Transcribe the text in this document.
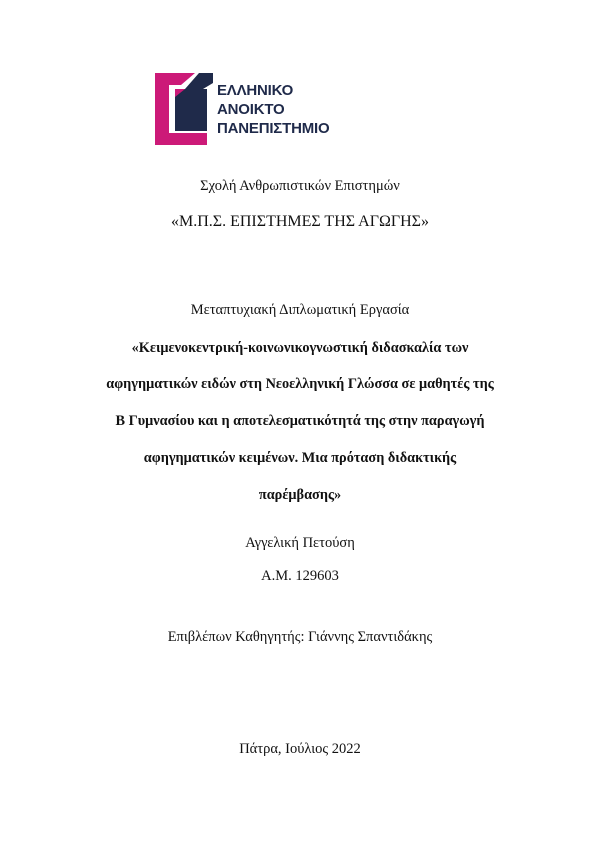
ΕΛΛΗΝΙΚΟ
ΑΝΟΙΚΤΟ
ΠΑΝΕΠΙΣΤΗΜΙΟ
Σχολή Ανθρωπιστικών Επιστημών
«Μ.Π.Σ. ΕΠΙΣΤΗΜΕΣ ΤΗΣ ΑΓΩΓΗΣ»
Μεταπτυχιακή Διπλωματική Εργασία
«Κειμενοκεντρική-κοινωνικογνωστική διδασκαλία των
αφηγηματικών ειδών στη Νεοελληνική Γλώσσα σε μαθητές της
Β Γυμνασίου και η αποτελεσματικότητά της στην παραγωγή
αφηγηματικών κειμένων. Μια πρόταση διδακτικής
παρέμβασης»
Αγγελική Πετούση
Α.Μ. 129603
Επιβλέπων Καθηγητής: Γιάννης Σπαντιδάκης
Πάτρα, Ιούλιος 2022
